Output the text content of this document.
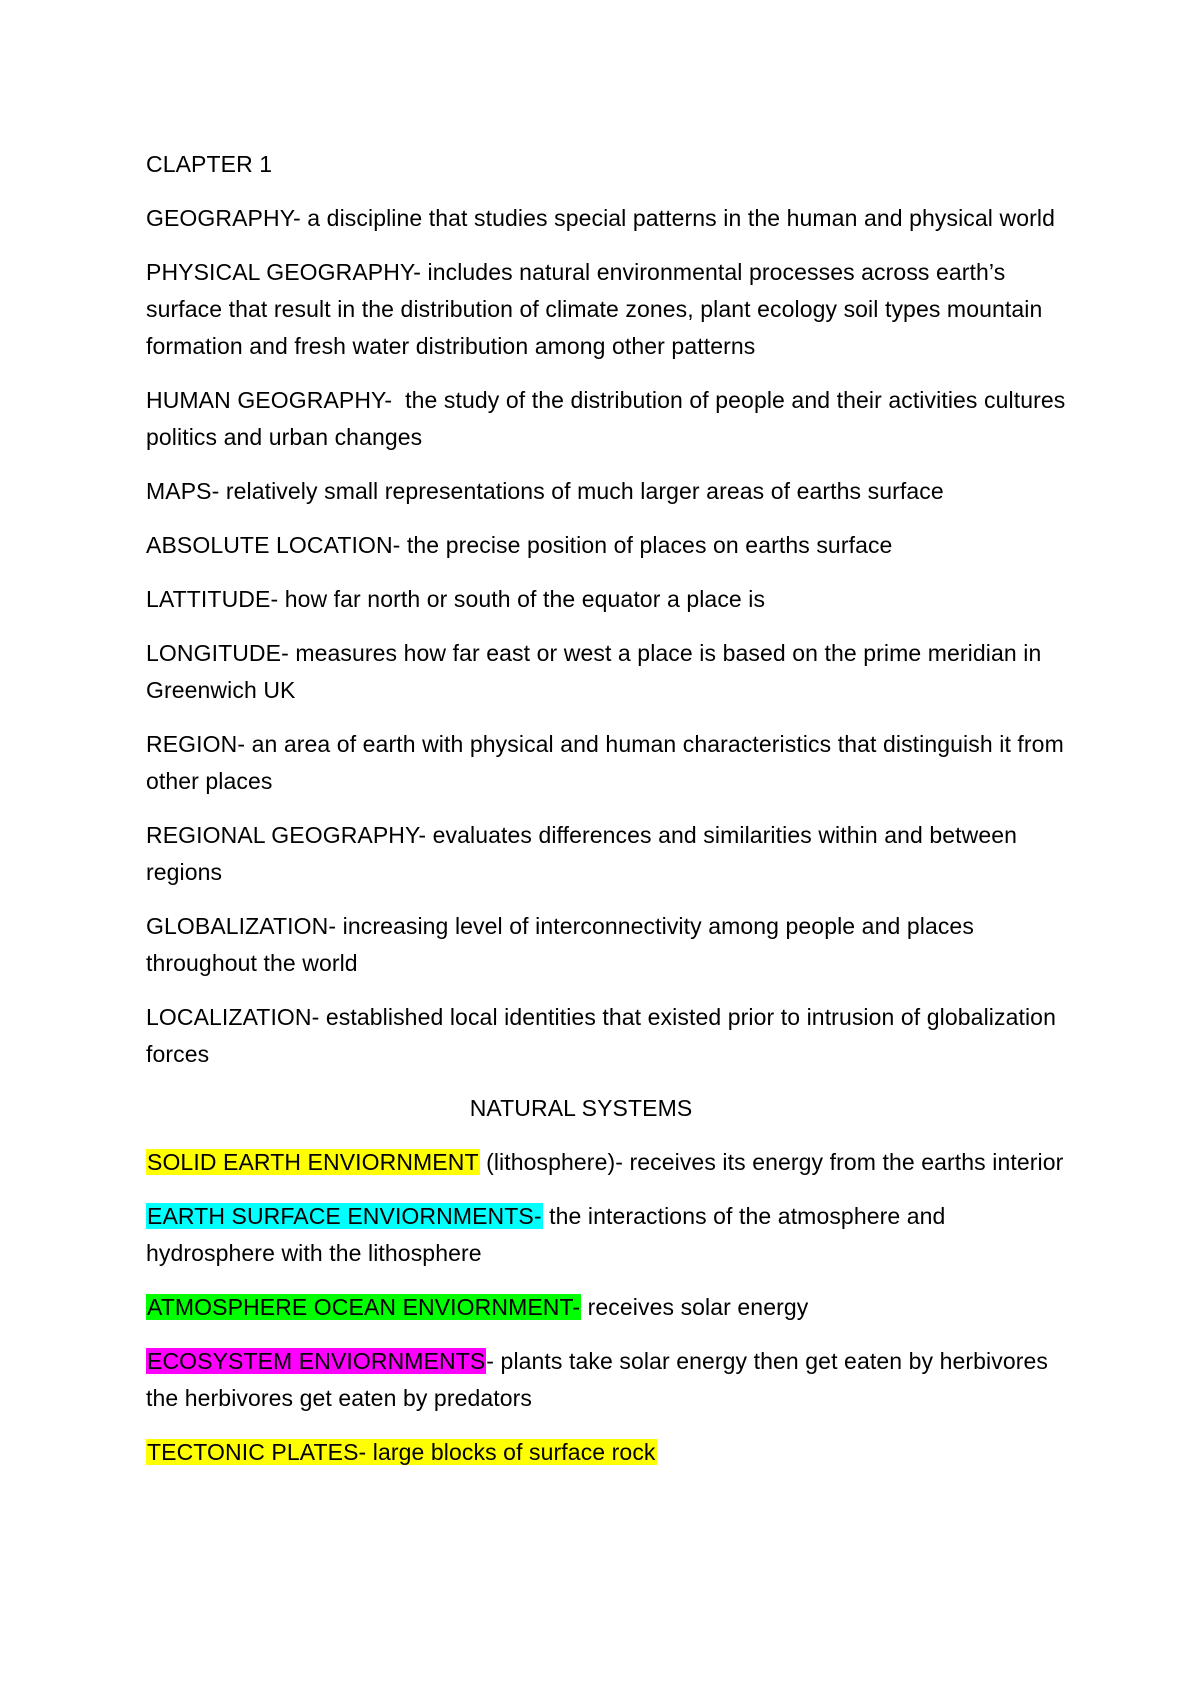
CLAPTER 1

GEOGRAPHY- a discipline that studies special patterns in the human and physical world

PHYSICAL GEOGRAPHY- includes natural environmental processes across earth’s surface that result in the distribution of climate zones, plant ecology soil types mountain formation and fresh water distribution among other patterns

HUMAN GEOGRAPHY-  the study of the distribution of people and their activities cultures politics and urban changes

MAPS- relatively small representations of much larger areas of earths surface

ABSOLUTE LOCATION- the precise position of places on earths surface

LATTITUDE- how far north or south of the equator a place is

LONGITUDE- measures how far east or west a place is based on the prime meridian in Greenwich UK

REGION- an area of earth with physical and human characteristics that distinguish it from other places

REGIONAL GEOGRAPHY- evaluates differences and similarities within and between regions

GLOBALIZATION- increasing level of interconnectivity among people and places throughout the world

LOCALIZATION- established local identities that existed prior to intrusion of globalization forces

NATURAL SYSTEMS

SOLID EARTH ENVIORNMENT (lithosphere)- receives its energy from the earths interior

EARTH SURFACE ENVIORNMENTS- the interactions of the atmosphere and hydrosphere with the lithosphere

ATMOSPHERE OCEAN ENVIORNMENT- receives solar energy

ECOSYSTEM ENVIORNMENTS- plants take solar energy then get eaten by herbivores the herbivores get eaten by predators

TECTONIC PLATES- large blocks of surface rock
